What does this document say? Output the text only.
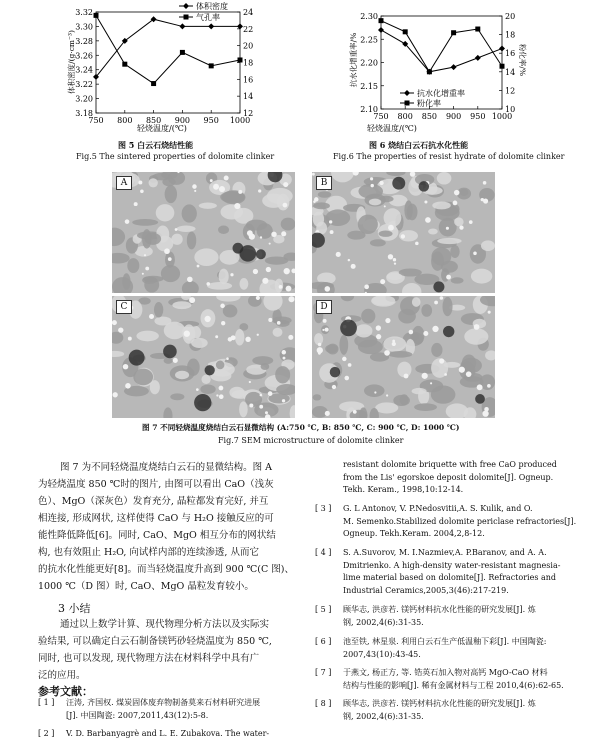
750 800 850 900 950 1000
3.18
3.20
3.22
3.24
3.26
3.28
3.30
3.32
12
14
16
18
20
22
24
体积密度
气孔率
轻烧温度/(℃)
体积密度/(g·cm⁻³)
图 5 白云石烧结性能
Fig.5 The sintered properties of dolomite clinker
750 800 850 900 950 1000
2.10
2.15
2.20
2.25
2.30
10
12
14
16
18
20
抗水化增重率
粉化率
轻烧温度/(℃)
抗水化增重率/%	粉化率/%
图 6 烧结白云石抗水化性能
Fig.6 The properties of resist hydrate of dolomite clinker
A	B
C	D
图 7 不同轻烧温度烧结白云石显微结构 (A:750 ℃, B: 850 ℃, C: 900 ℃, D: 1000 ℃)
Fig.7 SEM microstructure of dolomite clinker
图 7 为不同轻烧温度烧结白云石的显微结构。图 A
为轻烧温度 850 ℃时的图片, 由图可以看出 CaO（浅灰
色）、MgO（深灰色）发育充分, 晶粒都发育完好, 并互
相连接, 形成网状, 这样使得 CaO 与 H₂O 接触反应的可
能性降低降低[6]。同时, CaO、MgO 相互分布的网状结
构, 也有效阻止 H₂O, 向试样内部的连续渗透, 从而它
的抗水化性能更好[8]。而当轻烧温度升高到 900 ℃(C 图)、
1000 ℃（D 图）时, CaO、MgO 晶粒发育较小。
3 小结
通过以上数学计算、现代物理分析方法以及实际实
验结果, 可以确定白云石制备镁钙砂轻烧温度为 850 ℃,
同时, 也可以发现, 现代物理方法在材料科学中具有广
泛的应用。
参考文献：
[ 1 ] 汪涛, 齐国权. 煤炭固体废弃物制备莫来石材料研究进展
[J]. 中国陶瓷: 2007,2011,43(12):5-8.
[ 2 ] V. D. Barbanyagrè and L. E. Zubakova. The water-
resistant dolomite briquette with free CaO produced
from the Lis' egorskoe deposit dolomite[J]. Ogneup.
Tekh. Keram., 1998,10:12-14.
[ 3 ] G. L Antonov, V. P.Nedosvitii,A. S. Kulik, and O.
M. Semenko.Stabilized dolomite periclase refractories[J].
Ogneup. Tekh.Keram. 2004,2,8-12.
[ 4 ] S. A.Suvorov, M. I.Nazmiev,A. P.Baranov, and A. A.
Dmitrienko. A high-density water-resistant magnesia-
lime material based on dolomite[J]. Refractories and
Industrial Ceramics,2005,3(46):217-219.
[ 5 ] 顾华志, 洪彦若. 镁钙材料抗水化性能的研究发展[J]. 炼
钢, 2002,4(6):31-35.
[ 6 ] 池至铁, 林星泉. 利用白云石生产低温釉下彩[J]. 中国陶瓷:
2007,43(10):43-45.
[ 7 ] 于燕文, 杨正方, 等. 锆英石加入物对高钙 MgO-CaO 材料
结构与性能的影响[J]. 稀有金属材料与工程 2010,4(6):62-65.
[ 8 ] 顾华志, 洪彦若. 镁钙材料抗水化性能的研究发展[J]. 炼
钢, 2002,4(6):31-35.
